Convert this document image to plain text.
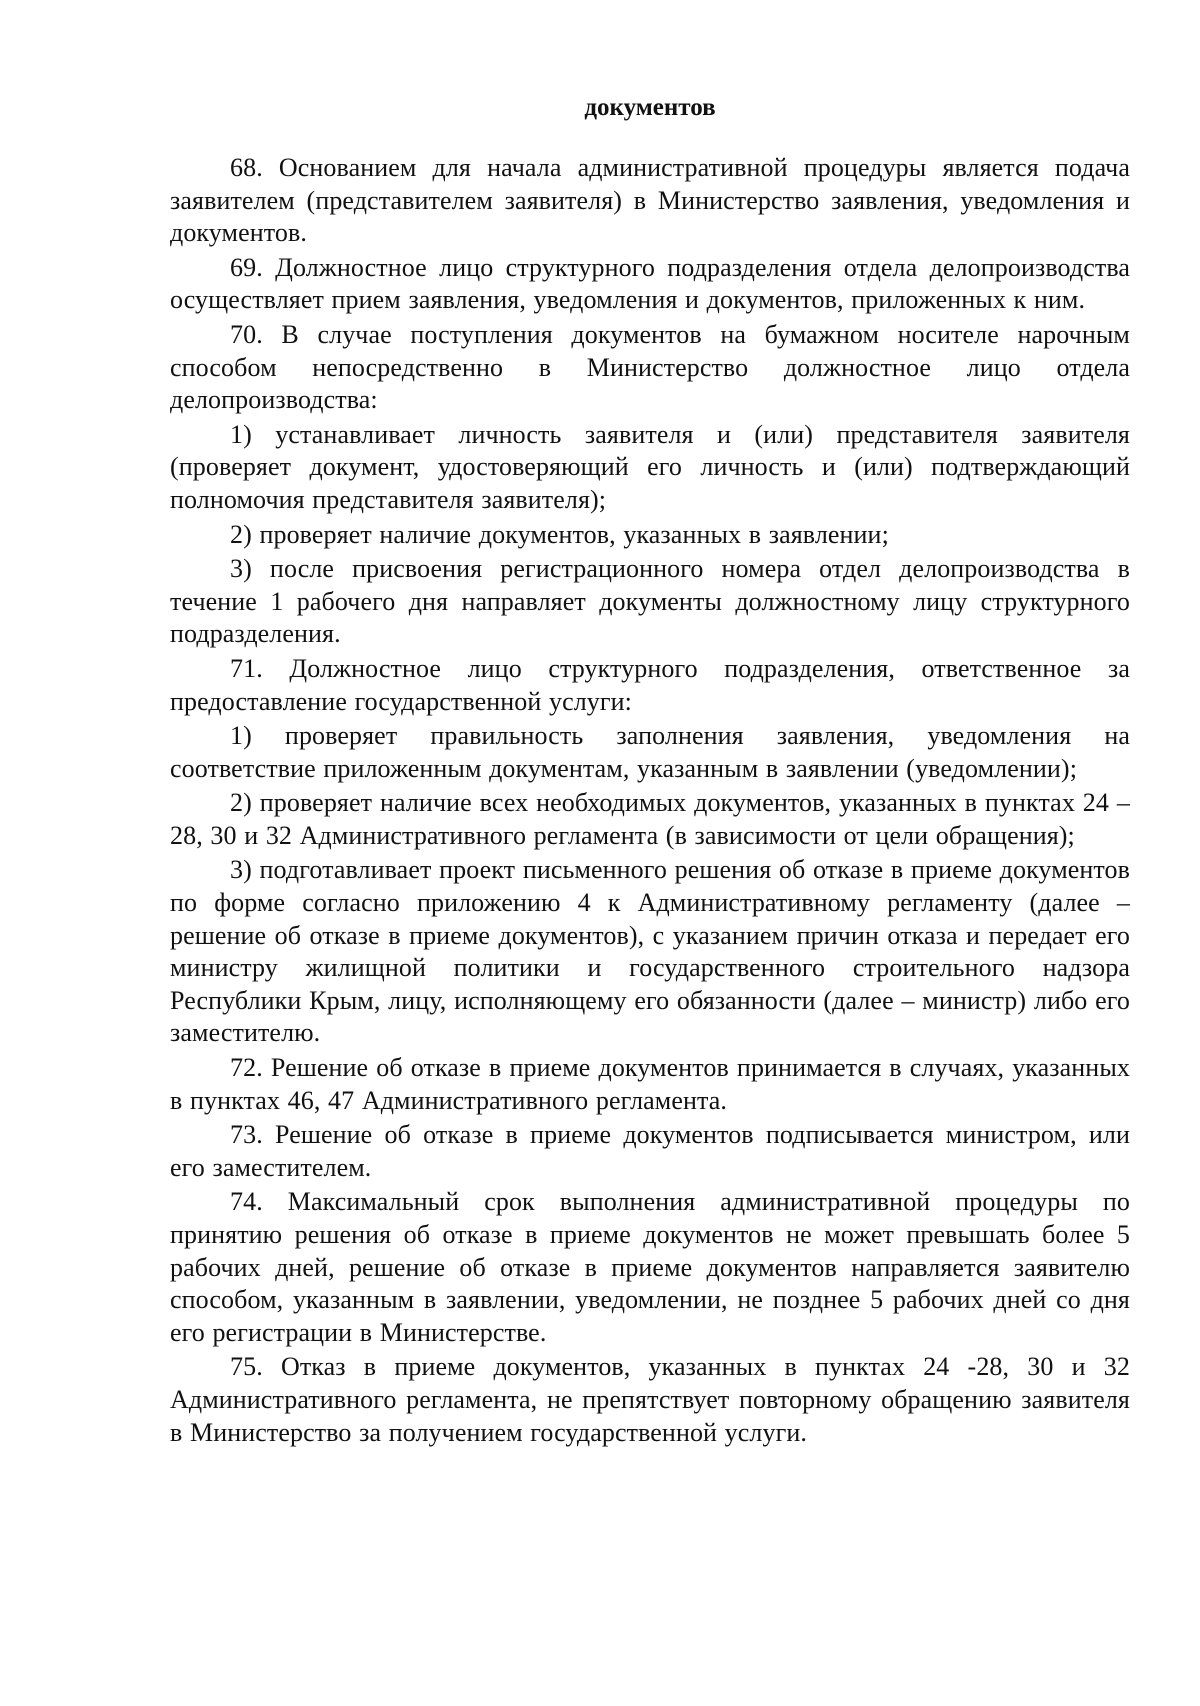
документов

68. Основанием для начала административной процедуры является подача заявителем (представителем заявителя) в Министерство заявления, уведомления и документов.

69. Должностное лицо структурного подразделения отдела делопроизводства осуществляет прием заявления, уведомления и документов, приложенных к ним.

70. В случае поступления документов на бумажном носителе нарочным способом непосредственно в Министерство должностное лицо отдела делопроизводства:

1) устанавливает личность заявителя и (или) представителя заявителя (проверяет документ, удостоверяющий его личность и (или) подтверждающий полномочия представителя заявителя);

2) проверяет наличие документов, указанных в заявлении;

3) после присвоения регистрационного номера отдел делопроизводства в течение 1 рабочего дня направляет документы должностному лицу структурного подразделения.

71. Должностное лицо структурного подразделения, ответственное за предоставление государственной услуги:

1) проверяет правильность заполнения заявления, уведомления на соответствие приложенным документам, указанным в заявлении (уведомлении);

2) проверяет наличие всех необходимых документов, указанных в пунктах 24 – 28, 30 и 32 Административного регламента (в зависимости от цели обращения);

3) подготавливает проект письменного решения об отказе в приеме документов по форме согласно приложению 4 к Административному регламенту (далее – решение об отказе в приеме документов), с указанием причин отказа и передает его министру жилищной политики и государственного строительного надзора Республики Крым, лицу, исполняющему его обязанности (далее – министр) либо его заместителю.

72. Решение об отказе в приеме документов принимается в случаях, указанных в пунктах 46, 47 Административного регламента.

73. Решение об отказе в приеме документов подписывается министром, или его заместителем.

74. Максимальный срок выполнения административной процедуры по принятию решения об отказе в приеме документов не может превышать более 5 рабочих дней, решение об отказе в приеме документов направляется заявителю способом, указанным в заявлении, уведомлении, не позднее 5 рабочих дней со дня его регистрации в Министерстве.

75. Отказ в приеме документов, указанных в пунктах 24 -28, 30 и 32 Административного регламента, не препятствует повторному обращению заявителя в Министерство за получением государственной услуги.
